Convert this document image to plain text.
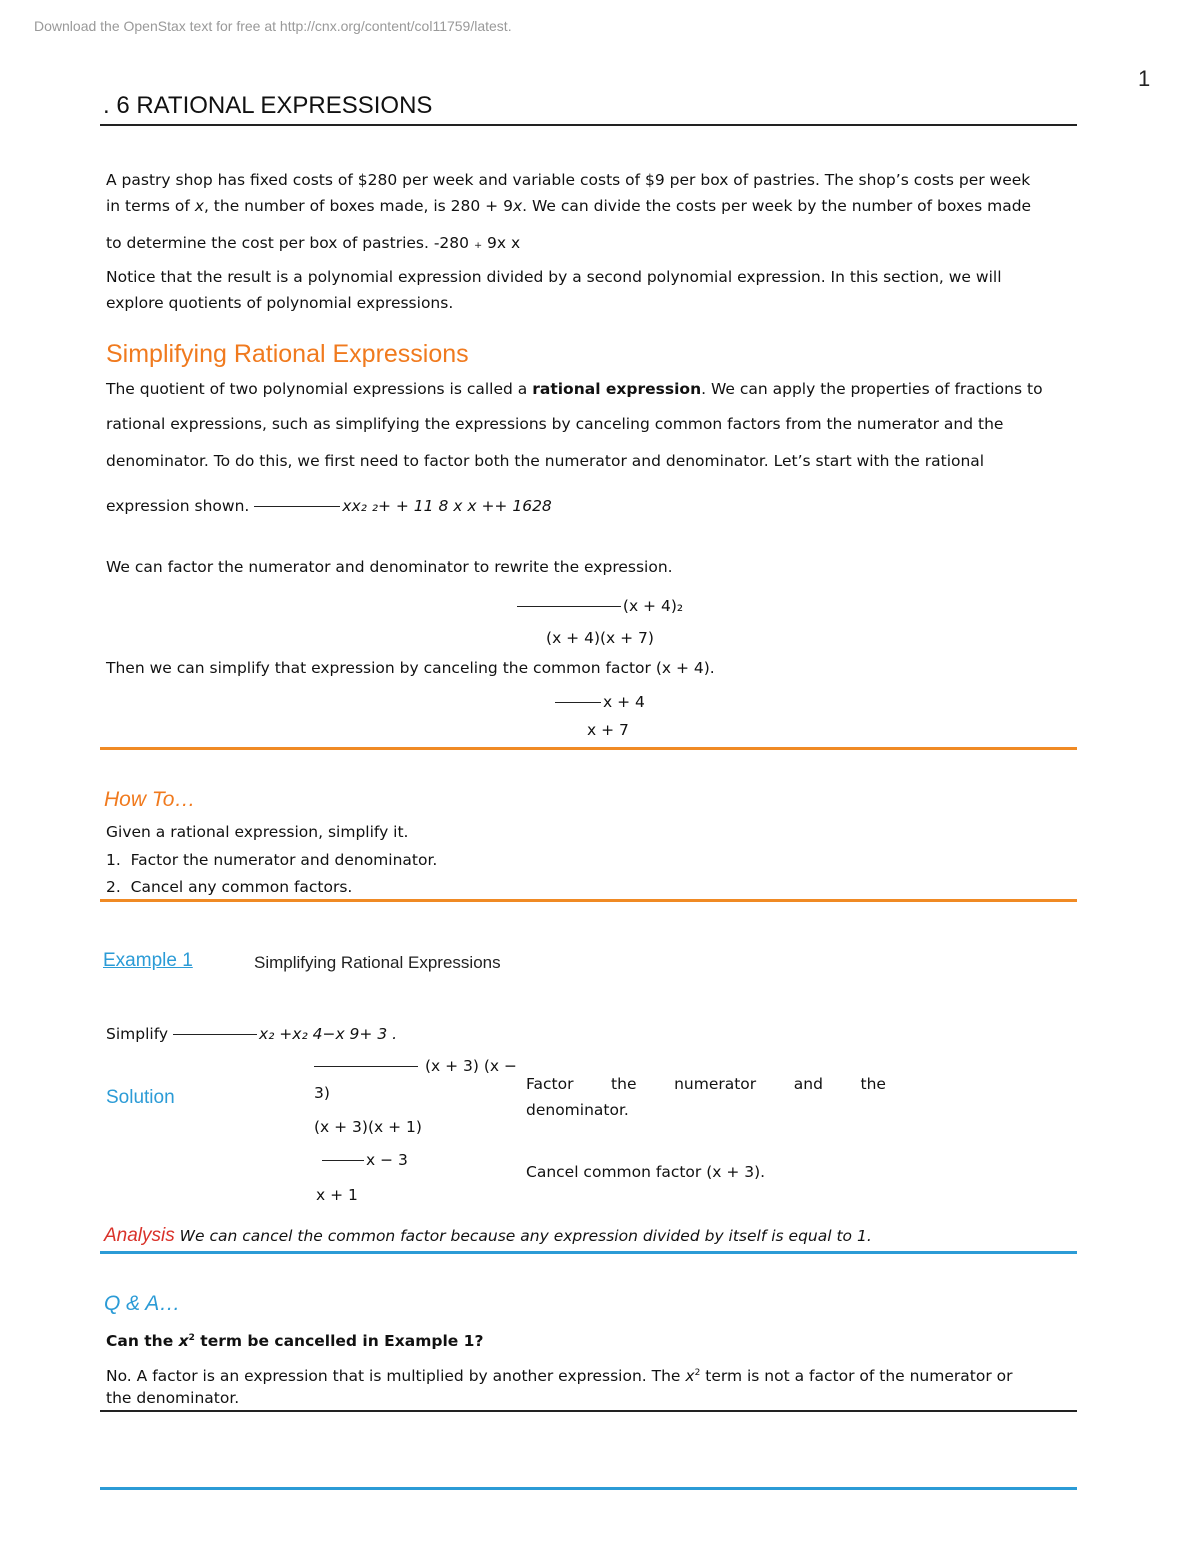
Download the OpenStax text for free at http://cnx.org/content/col11759/latest.
1
. 6 RATIONAL EXPRESSIONS
A pastry shop has fixed costs of $280 per week and variable costs of $9 per box of pastries. The shop’s costs per week
in terms of x, the number of boxes made, is 280 + 9x. We can divide the costs per week by the number of boxes made
to determine the cost per box of pastries. -280 ₊ 9x x
Notice that the result is a polynomial expression divided by a second polynomial expression. In this section, we will
explore quotients of polynomial expressions.
Simplifying Rational Expressions
The quotient of two polynomial expressions is called a rational expression. We can apply the properties of fractions to
rational expressions, such as simplifying the expressions by canceling common factors from the numerator and the
denominator. To do this, we first need to factor both the numerator and denominator. Let’s start with the rational
expression shown.	xx₂ ₂+ + 11 8 x x ++ 1628
We can factor the numerator and denominator to rewrite the expression.
(x + 4)₂
(x + 4)(x + 7)
Then we can simplify that expression by canceling the common factor (x + 4).
x + 4
x + 7
How To…
Given a rational expression, simplify it.
1. Factor the numerator and denominator.
2. Cancel any common factors.
Example 1	Simplifying Rational Expressions
Simplify	x₂ +x₂ 4−x 9+ 3 .
Solution
(x + 3) (x −
3)
(x + 3)(x + 1)
x − 3
x + 1
Factor the numerator and the
denominator.
Cancel common factor (x + 3).
Analysis We can cancel the common factor because any expression divided by itself is equal to 1.
Q & A…
Can the $x^2$ term be cancelled in Example 1?
No. A factor is an expression that is multiplied by another expression. The $x^2$ term is not a factor of the numerator or
the denominator.
